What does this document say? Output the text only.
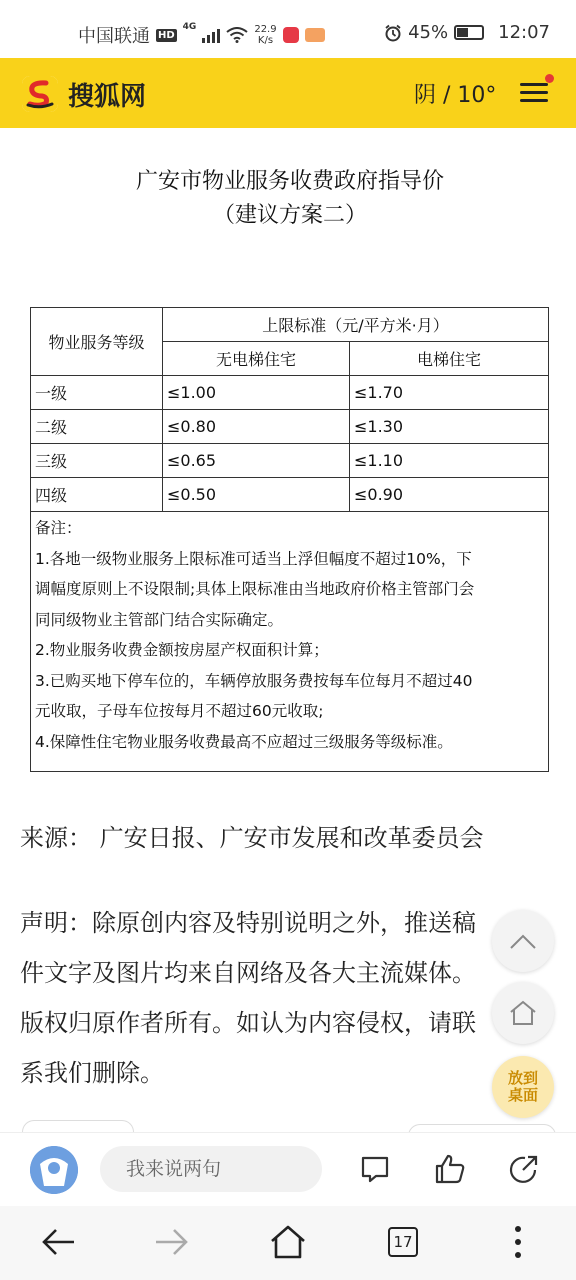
中国联通 HD
4G	22.9
K/s	45%	12:07
搜狐网	阴 / 10°
广安市物业服务收费政府指导价
（建议方案二）
物业服务等级	上限标准（元/平方米·月）	
	无电梯住宅	电梯住宅
一级	≤1.00	≤1.70
二级	≤0.80	≤1.30
三级	≤0.65	≤1.10
四级	≤0.50	≤0.90
备注：
1.各地一级物业服务上限标准可适当上浮但幅度不超过10%，下
调幅度原则上不设限制;具体上限标准由当地政府价格主管部门会
同同级物业主管部门结合实际确定。
2.物业服务收费金额按房屋产权面积计算；
3.已购买地下停车位的，车辆停放服务费按每车位每月不超过40
元收取，子母车位按每月不超过60元收取;
4.保障性住宅物业服务收费最高不应超过三级服务等级标准。
来源： 广安日报、广安市发展和改革委员会
声明：除原创内容及特别说明之外，推送稿
件文字及图片均来自网络及各大主流媒体。
版权归原作者所有。如认为内容侵权，请联
系我们删除。	放到
桌面
我来说两句
17
